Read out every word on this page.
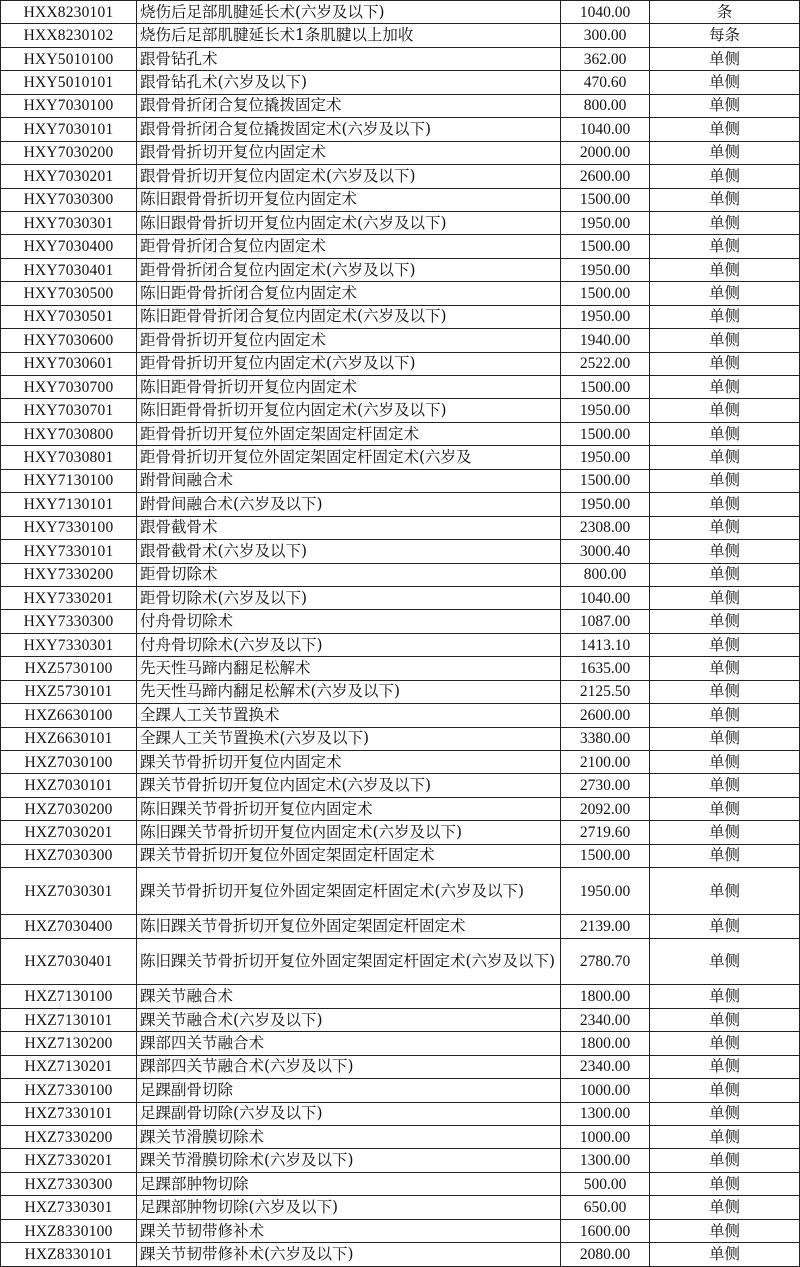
HXX8230101	烧伤后足部肌腱延长术(六岁及以下)	1040.00	条
HXX8230102	烧伤后足部肌腱延长术1条肌腱以上加收	300.00	每条
HXY5010100	跟骨钻孔术	362.00	单侧
HXY5010101	跟骨钻孔术(六岁及以下)	470.60	单侧
HXY7030100	跟骨骨折闭合复位撬拨固定术	800.00	单侧
HXY7030101	跟骨骨折闭合复位撬拨固定术(六岁及以下)	1040.00	单侧
HXY7030200	跟骨骨折切开复位内固定术	2000.00	单侧
HXY7030201	跟骨骨折切开复位内固定术(六岁及以下)	2600.00	单侧
HXY7030300	陈旧跟骨骨折切开复位内固定术	1500.00	单侧
HXY7030301	陈旧跟骨骨折切开复位内固定术(六岁及以下)	1950.00	单侧
HXY7030400	距骨骨折闭合复位内固定术	1500.00	单侧
HXY7030401	距骨骨折闭合复位内固定术(六岁及以下)	1950.00	单侧
HXY7030500	陈旧距骨骨折闭合复位内固定术	1500.00	单侧
HXY7030501	陈旧距骨骨折闭合复位内固定术(六岁及以下)	1950.00	单侧
HXY7030600	距骨骨折切开复位内固定术	1940.00	单侧
HXY7030601	距骨骨折切开复位内固定术(六岁及以下)	2522.00	单侧
HXY7030700	陈旧距骨骨折切开复位内固定术	1500.00	单侧
HXY7030701	陈旧距骨骨折切开复位内固定术(六岁及以下)	1950.00	单侧
HXY7030800	距骨骨折切开复位外固定架固定杆固定术	1500.00	单侧
HXY7030801	距骨骨折切开复位外固定架固定杆固定术(六岁及	1950.00	单侧
HXY7130100	跗骨间融合术	1500.00	单侧
HXY7130101	跗骨间融合术(六岁及以下)	1950.00	单侧
HXY7330100	跟骨截骨术	2308.00	单侧
HXY7330101	跟骨截骨术(六岁及以下)	3000.40	单侧
HXY7330200	距骨切除术	800.00	单侧
HXY7330201	距骨切除术(六岁及以下)	1040.00	单侧
HXY7330300	付舟骨切除术	1087.00	单侧
HXY7330301	付舟骨切除术(六岁及以下)	1413.10	单侧
HXZ5730100	先天性马蹄内翻足松解术	1635.00	单侧
HXZ5730101	先天性马蹄内翻足松解术(六岁及以下)	2125.50	单侧
HXZ6630100	全踝人工关节置换术	2600.00	单侧
HXZ6630101	全踝人工关节置换术(六岁及以下)	3380.00	单侧
HXZ7030100	踝关节骨折切开复位内固定术	2100.00	单侧
HXZ7030101	踝关节骨折切开复位内固定术(六岁及以下)	2730.00	单侧
HXZ7030200	陈旧踝关节骨折切开复位内固定术	2092.00	单侧
HXZ7030201	陈旧踝关节骨折切开复位内固定术(六岁及以下)	2719.60	单侧
HXZ7030300	踝关节骨折切开复位外固定架固定杆固定术	1500.00	单侧
HXZ7030301	踝关节骨折切开复位外固定架固定杆固定术(六岁及以下)	1950.00	单侧
HXZ7030400	陈旧踝关节骨折切开复位外固定架固定杆固定术	2139.00	单侧
HXZ7030401	陈旧踝关节骨折切开复位外固定架固定杆固定术(六岁及以下)	2780.70	单侧
HXZ7130100	踝关节融合术	1800.00	单侧
HXZ7130101	踝关节融合术(六岁及以下)	2340.00	单侧
HXZ7130200	踝部四关节融合术	1800.00	单侧
HXZ7130201	踝部四关节融合术(六岁及以下)	2340.00	单侧
HXZ7330100	足踝副骨切除	1000.00	单侧
HXZ7330101	足踝副骨切除(六岁及以下)	1300.00	单侧
HXZ7330200	踝关节滑膜切除术	1000.00	单侧
HXZ7330201	踝关节滑膜切除术(六岁及以下)	1300.00	单侧
HXZ7330300	足踝部肿物切除	500.00	单侧
HXZ7330301	足踝部肿物切除(六岁及以下)	650.00	单侧
HXZ8330100	踝关节韧带修补术	1600.00	单侧
HXZ8330101	踝关节韧带修补术(六岁及以下)	2080.00	单侧
